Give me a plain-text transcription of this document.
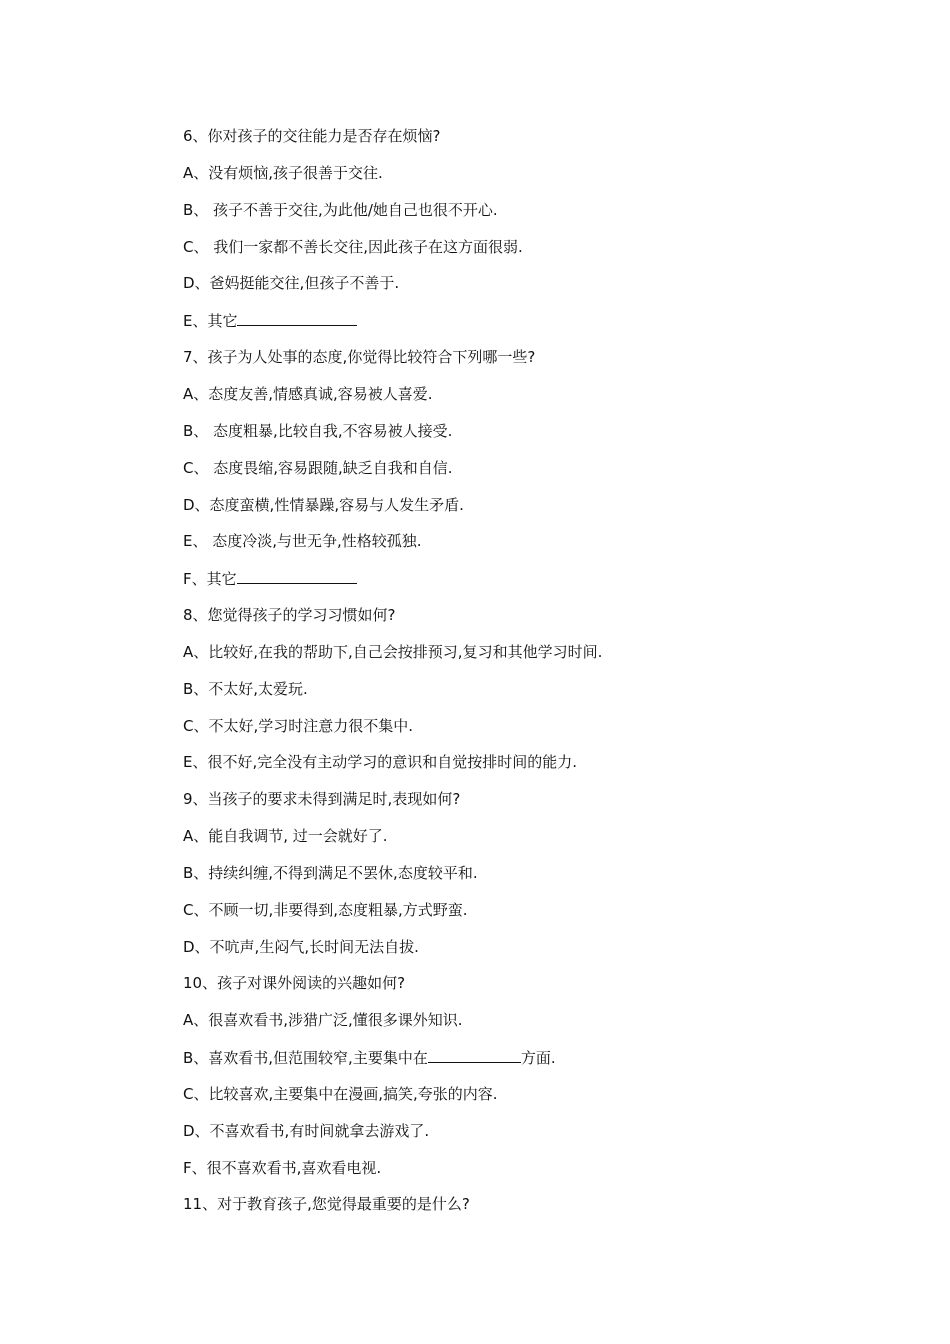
6、你对孩子的交往能力是否存在烦恼?
A、没有烦恼,孩子很善于交往.
B、 孩子不善于交往,为此他/她自己也很不开心.
C、 我们一家都不善长交往,因此孩子在这方面很弱.
D、爸妈挺能交往,但孩子不善于.
E、其它
7、孩子为人处事的态度,你觉得比较符合下列哪一些?
A、态度友善,情感真诚,容易被人喜爱.
B、 态度粗暴,比较自我,不容易被人接受.
C、 态度畏缩,容易跟随,缺乏自我和自信.
D、态度蛮横,性情暴躁,容易与人发生矛盾.
E、 态度冷淡,与世无争,性格较孤独.
F、其它
8、您觉得孩子的学习习惯如何?
A、比较好,在我的帮助下,自己会按排预习,复习和其他学习时间.
B、不太好,太爱玩.
C、不太好,学习时注意力很不集中.
E、很不好,完全没有主动学习的意识和自觉按排时间的能力.
9、当孩子的要求未得到满足时,表现如何?
A、能自我调节, 过一会就好了.
B、持续纠缠,不得到满足不罢休,态度较平和.
C、不顾一切,非要得到,态度粗暴,方式野蛮.
D、不吭声,生闷气,长时间无法自拔.
10、孩子对课外阅读的兴趣如何?
A、很喜欢看书,涉猎广泛,懂很多课外知识.
B、喜欢看书,但范围较窄,主要集中在	方面.
C、比较喜欢,主要集中在漫画,搞笑,夸张的内容.
D、不喜欢看书,有时间就拿去游戏了.
F、很不喜欢看书,喜欢看电视.
11、对于教育孩子,您觉得最重要的是什么?
